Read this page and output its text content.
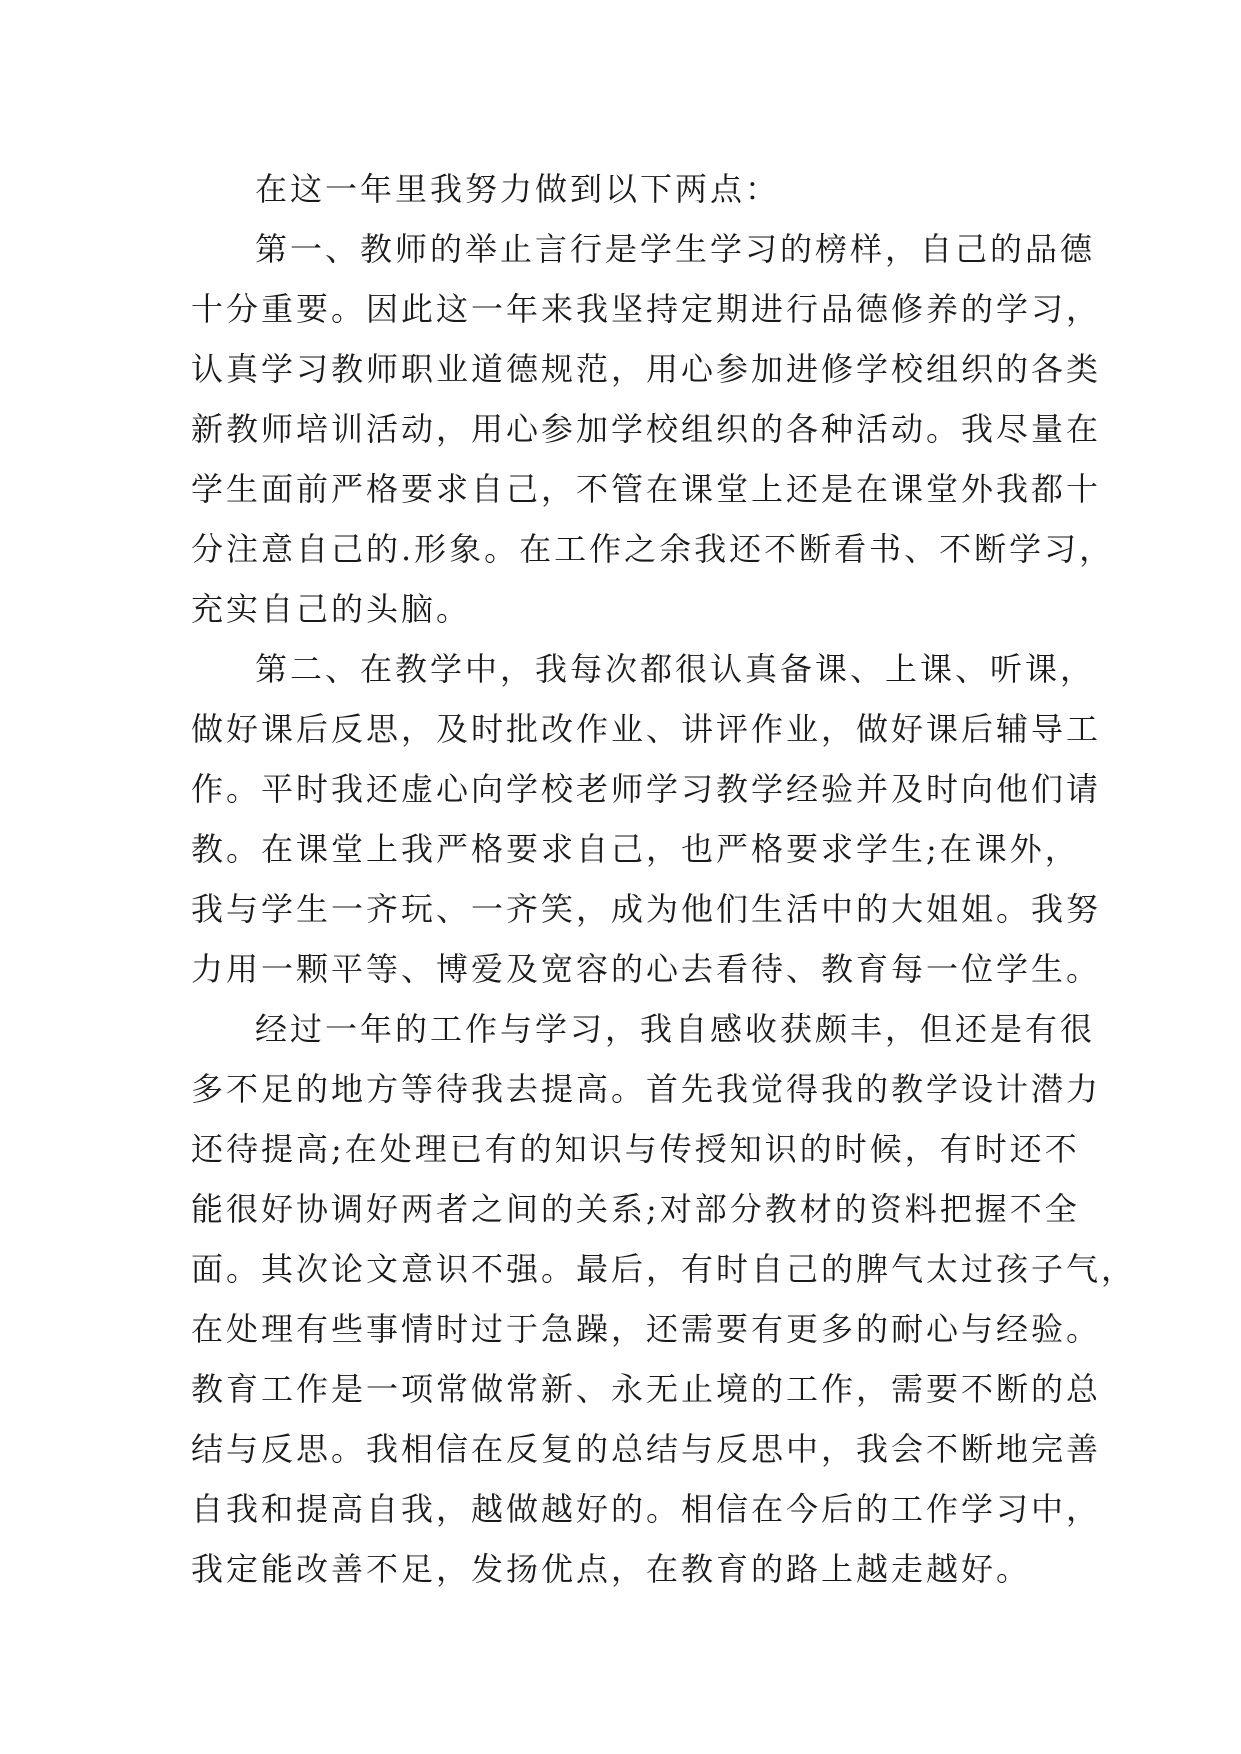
在这一年里我努力做到以下两点：
第一、教师的举止言行是学生学习的榜样，自己的品德
十分重要。因此这一年来我坚持定期进行品德修养的学习，
认真学习教师职业道德规范，用心参加进修学校组织的各类
新教师培训活动，用心参加学校组织的各种活动。我尽量在
学生面前严格要求自己，不管在课堂上还是在课堂外我都十
分注意自己的.形象。在工作之余我还不断看书、不断学习，
充实自己的头脑。
第二、在教学中，我每次都很认真备课、上课、听课，
做好课后反思，及时批改作业、讲评作业，做好课后辅导工
作。平时我还虚心向学校老师学习教学经验并及时向他们请
教。在课堂上我严格要求自己，也严格要求学生;在课外，
我与学生一齐玩、一齐笑，成为他们生活中的大姐姐。我努
力用一颗平等、博爱及宽容的心去看待、教育每一位学生。
经过一年的工作与学习，我自感收获颇丰，但还是有很
多不足的地方等待我去提高。首先我觉得我的教学设计潜力
还待提高;在处理已有的知识与传授知识的时候，有时还不
能很好协调好两者之间的关系;对部分教材的资料把握不全
面。其次论文意识不强。最后，有时自己的脾气太过孩子气，
在处理有些事情时过于急躁，还需要有更多的耐心与经验。
教育工作是一项常做常新、永无止境的工作，需要不断的总
结与反思。我相信在反复的总结与反思中，我会不断地完善
自我和提高自我，越做越好的。相信在今后的工作学习中，
我定能改善不足，发扬优点，在教育的路上越走越好。
